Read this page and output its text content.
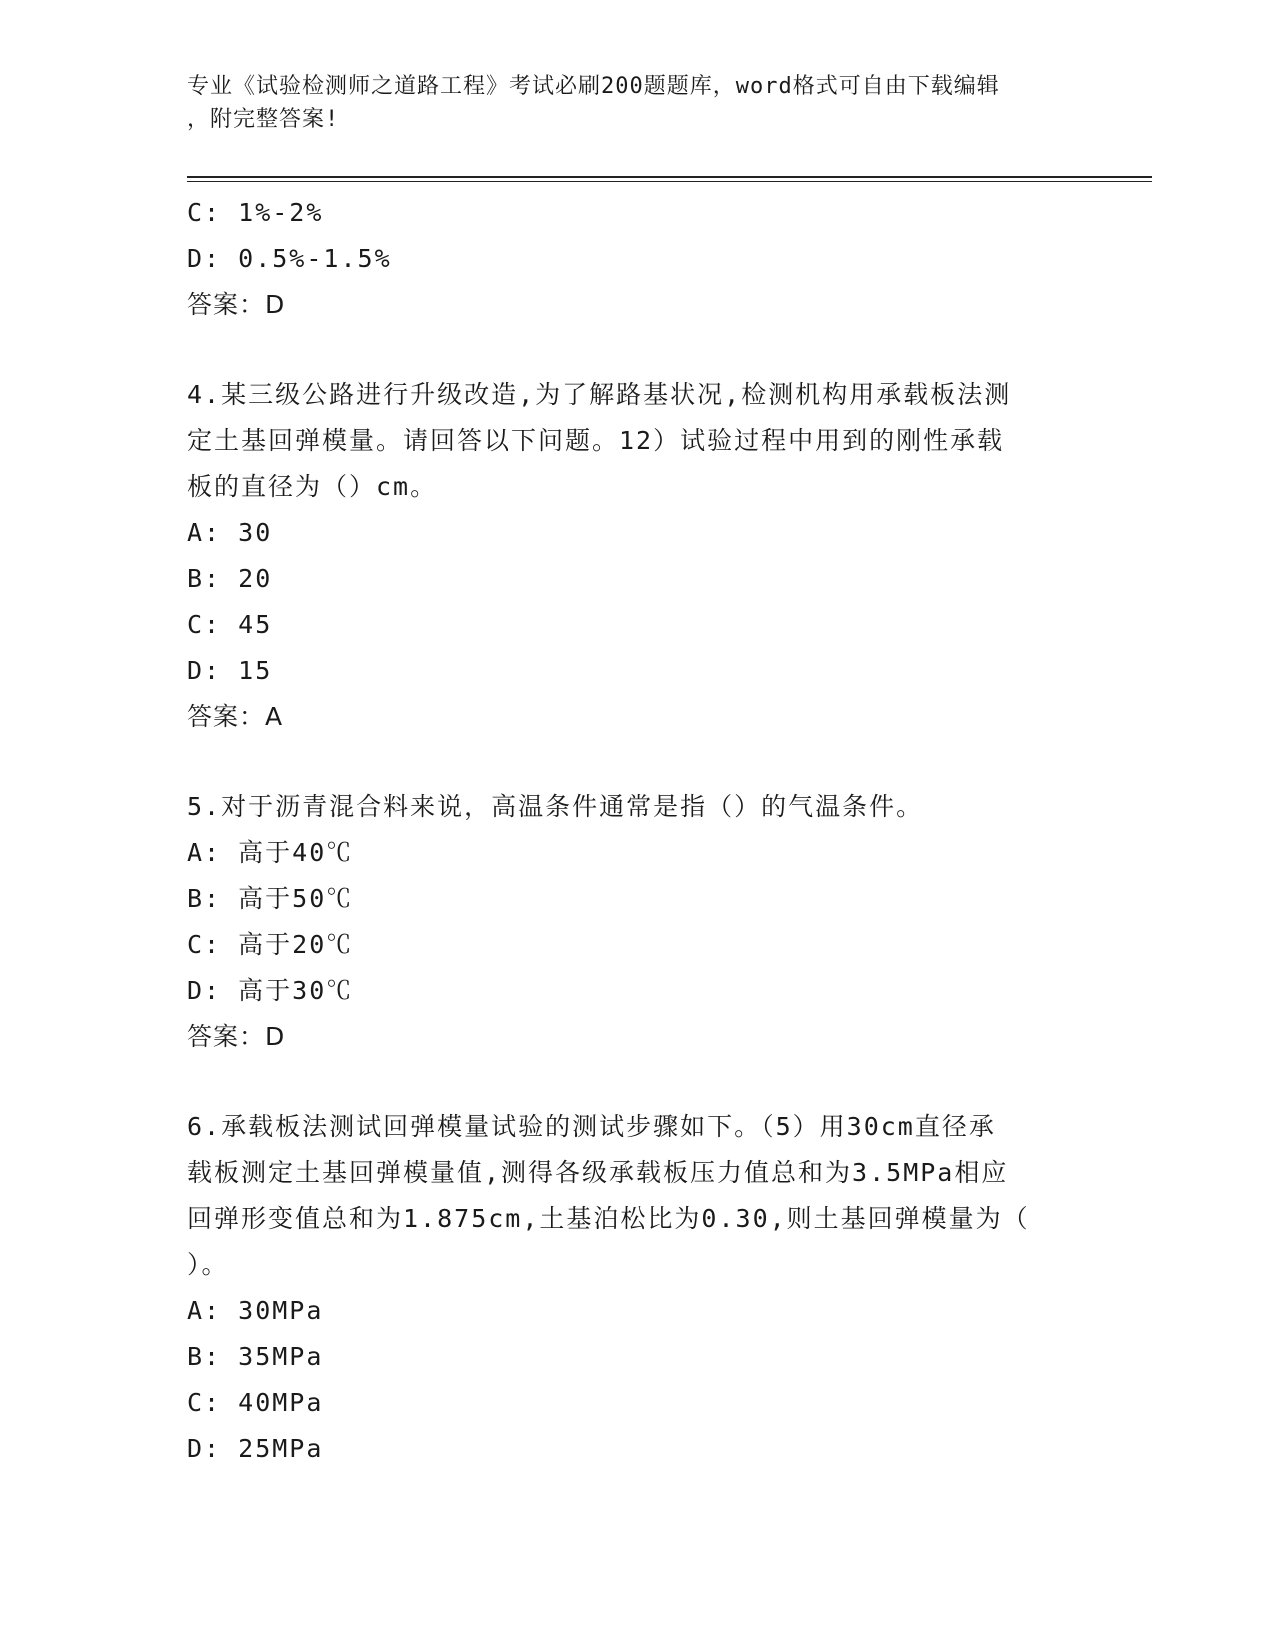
专业《试验检测师之道路工程》考试必刷200题题库，word格式可自由下载编辑
，附完整答案!
C: 1%-2%
D: 0.5%-1.5%
答案：D
4.某三级公路进行升级改造,为了解路基状况,检测机构用承载板法测
定土基回弹模量。请回答以下问题。12）试验过程中用到的刚性承载
板的直径为（）cm。
A: 30
B: 20
C: 45
D: 15
答案：A
5.对于沥青混合料来说，高温条件通常是指（）的气温条件。
A: 高于40℃
B: 高于50℃
C: 高于20℃
D: 高于30℃
答案：D
6.承载板法测试回弹模量试验的测试步骤如下。（5）用30cm直径承
载板测定土基回弹模量值,测得各级承载板压力值总和为3.5MPa相应
回弹形变值总和为1.875cm,土基泊松比为0.30,则土基回弹模量为（
）。
A: 30MPa
B: 35MPa
C: 40MPa
D: 25MPa
